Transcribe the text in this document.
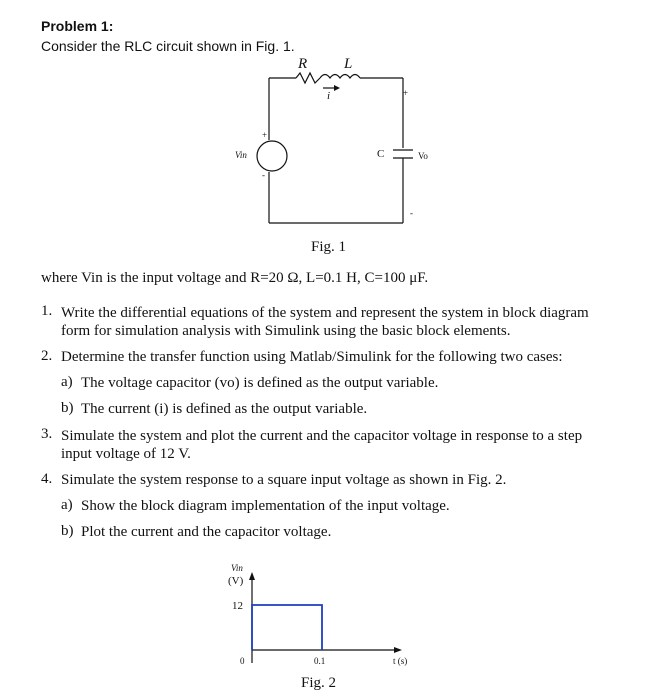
Problem 1:
Consider the RLC circuit shown in Fig. 1.
R L
i	+
+
Vin	C	Vo
-
-
Fig. 1
where Vin is the input voltage and R=20 Ω, L=0.1 H, C=100 μF.
1. Write the differential equations of the system and represent the system in block diagram
form for simulation analysis with Simulink using the basic block elements.
2. Determine the transfer function using Matlab/Simulink for the following two cases:
a) The voltage capacitor (vo) is defined as the output variable.
b) The current (i) is defined as the output variable.
3. Simulate the system and plot the current and the capacitor voltage in response to a step
input voltage of 12 V.
4. Simulate the system response to a square input voltage as shown in Fig. 2.
a) Show the block diagram implementation of the input voltage.
b) Plot the current and the capacitor voltage.
Vin
(V)
12
0	0.1	t (s)
Fig. 2
